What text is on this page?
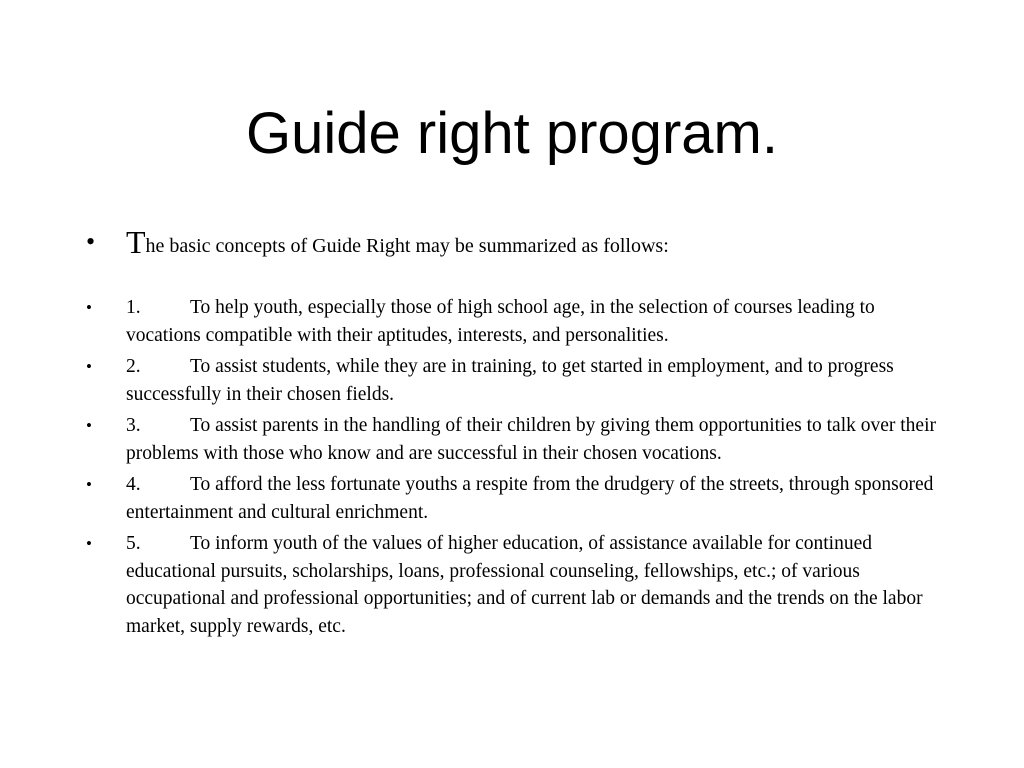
Guide right program.
• The basic concepts of Guide Right may be summarized as follows:
• 1.	To help youth, especially those of high school age, in the selection of courses leading to vocations compatible with their aptitudes, interests, and personalities.
• 2.	To assist students, while they are in training, to get started in employment, and to progress successfully in their chosen fields.
• 3.	To assist parents in the handling of their children by giving them opportunities to talk over their problems with those who know and are successful in their chosen vocations.
• 4.	To afford the less fortunate youths a respite from the drudgery of the streets, through sponsored entertainment and cultural enrichment.
• 5.	To inform youth of the values of higher education, of assistance available for continued educational pursuits, scholarships, loans, professional counseling, fellowships, etc.; of various occupational and professional opportunities; and of current lab or demands and the trends on the labor market, supply rewards, etc.
